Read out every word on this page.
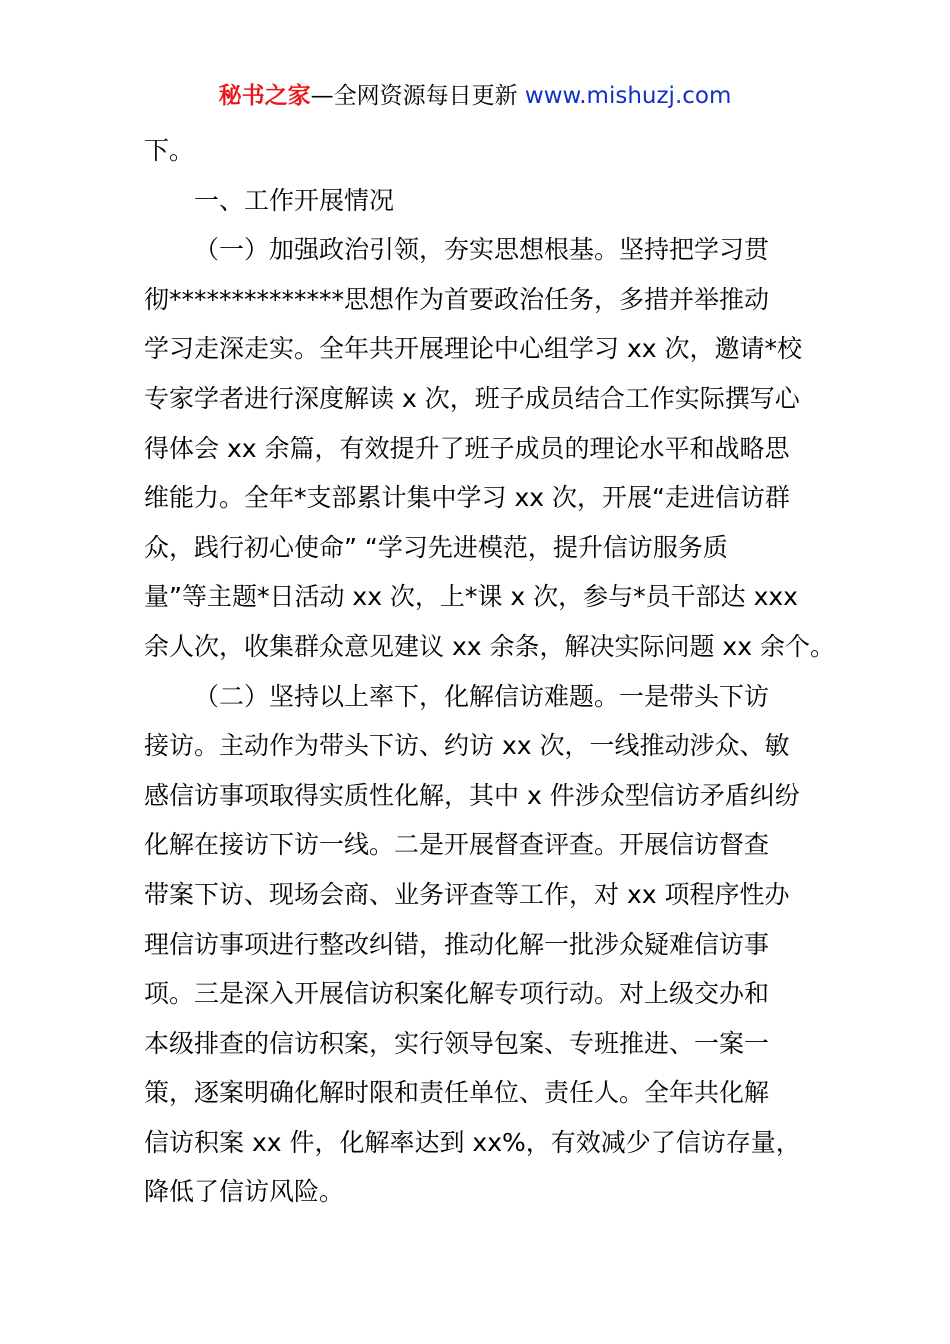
秘书之家—全网资源每日更新 www.mishuzj.com
下。
一、工作开展情况
（一）加强政治引领，夯实思想根基。坚持把学习贯
彻**************思想作为首要政治任务，多措并举推动
学习走深走实。全年共开展理论中心组学习 xx 次，邀请*校
专家学者进行深度解读 x 次，班子成员结合工作实际撰写心
得体会 xx 余篇，有效提升了班子成员的理论水平和战略思
维能力。全年*支部累计集中学习 xx 次，开展“走进信访群
众，践行初心使命” “学习先进模范，提升信访服务质
量”等主题*日活动 xx 次，上*课 x 次，参与*员干部达 xxx
余人次，收集群众意见建议 xx 余条，解决实际问题 xx 余个。
（二）坚持以上率下，化解信访难题。一是带头下访
接访。主动作为带头下访、约访 xx 次，一线推动涉众、敏
感信访事项取得实质性化解，其中 x 件涉众型信访矛盾纠纷
化解在接访下访一线。二是开展督查评查。开展信访督查
带案下访、现场会商、业务评查等工作，对 xx 项程序性办
理信访事项进行整改纠错，推动化解一批涉众疑难信访事
项。三是深入开展信访积案化解专项行动。对上级交办和
本级排查的信访积案，实行领导包案、专班推进、一案一
策，逐案明确化解时限和责任单位、责任人。全年共化解
信访积案 xx 件，化解率达到 xx%，有效减少了信访存量，
降低了信访风险。
